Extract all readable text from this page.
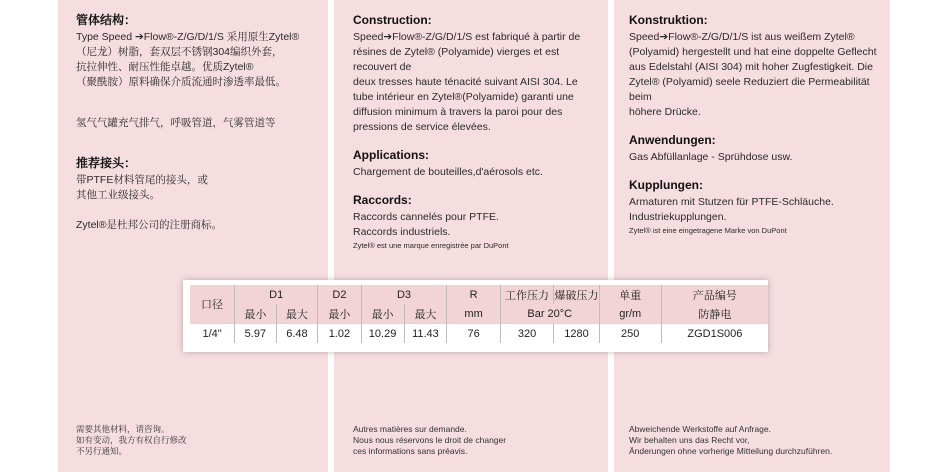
管体结构：

Type Speed ➔Flow®-Z/G/D/1/S 采用原生Zytel®

（尼龙）树脂，套双层不锈钢304编织外套，

抗拉伸性、耐压性能卓越。优质Zytel®

（聚酰胺）原料确保介质流通时渗透率最低。

氢气气罐充气排气，呼吸管道，气雾管道等

推荐接头：

带PTFE材料管尾的接头，或

其他工业级接头。

Zytel®是杜邦公司的注册商标。

Construction:

Speed➔Flow®-Z/G/D/1/S est fabriqué à partir de

résines de Zytel® (Polyamide) vierges et est

recouvert de

deux tresses haute ténacité suivant AISI 304. Le

tube intérieur en Zytel®(Polyamide) garanti une

diffusion minimum à travers la paroi pour des

pressions de service élevées.

Applications:

Chargement de bouteilles,d'aérosols etc.

Raccords:

Raccords cannelés pour PTFE.

Raccords industriels.

Zytel® est une marque enregistrée par DuPont

Konstruktion:

Speed➔Flow®-Z/G/D/1/S ist aus weißem Zytel®

(Polyamid) hergestellt und hat eine doppelte Geflecht

aus Edelstahl (AISI 304) mit hoher Zugfestigkeit. Die

Zytel® (Polyamid) seele Reduziert die Permeabilität beim

höhere Drücke.

Anwendungen:

Gas Abfüllanlage - Sprühdose usw.

Kupplungen:

Armaturen mit Stutzen für PTFE-Schläuche.

Industriekupplungen.

Zytel® ist eine eingetragene Marke von DuPont

口径	D1		D2	D3		R	工作压力	爆破压力	单重	产品编号
	最小	最大	最小	最小	最大	mm	Bar 20°C		gr/m	防静电
1/4"	5.97	6.48	1.02	10.29	11.43	76	320	1280	250	ZGD1S006
需要其他材料，请咨询。
如有变动，我方有权自行修改
不另行通知。
Autres matières sur demande.
Nous nous réservons le droit de changer
ces informations sans préavis.
Abweichende Werkstoffe auf Anfrage.
Wir behalten uns das Recht vor,
Änderungen ohne vorherige Mitteilung durchzuführen.
